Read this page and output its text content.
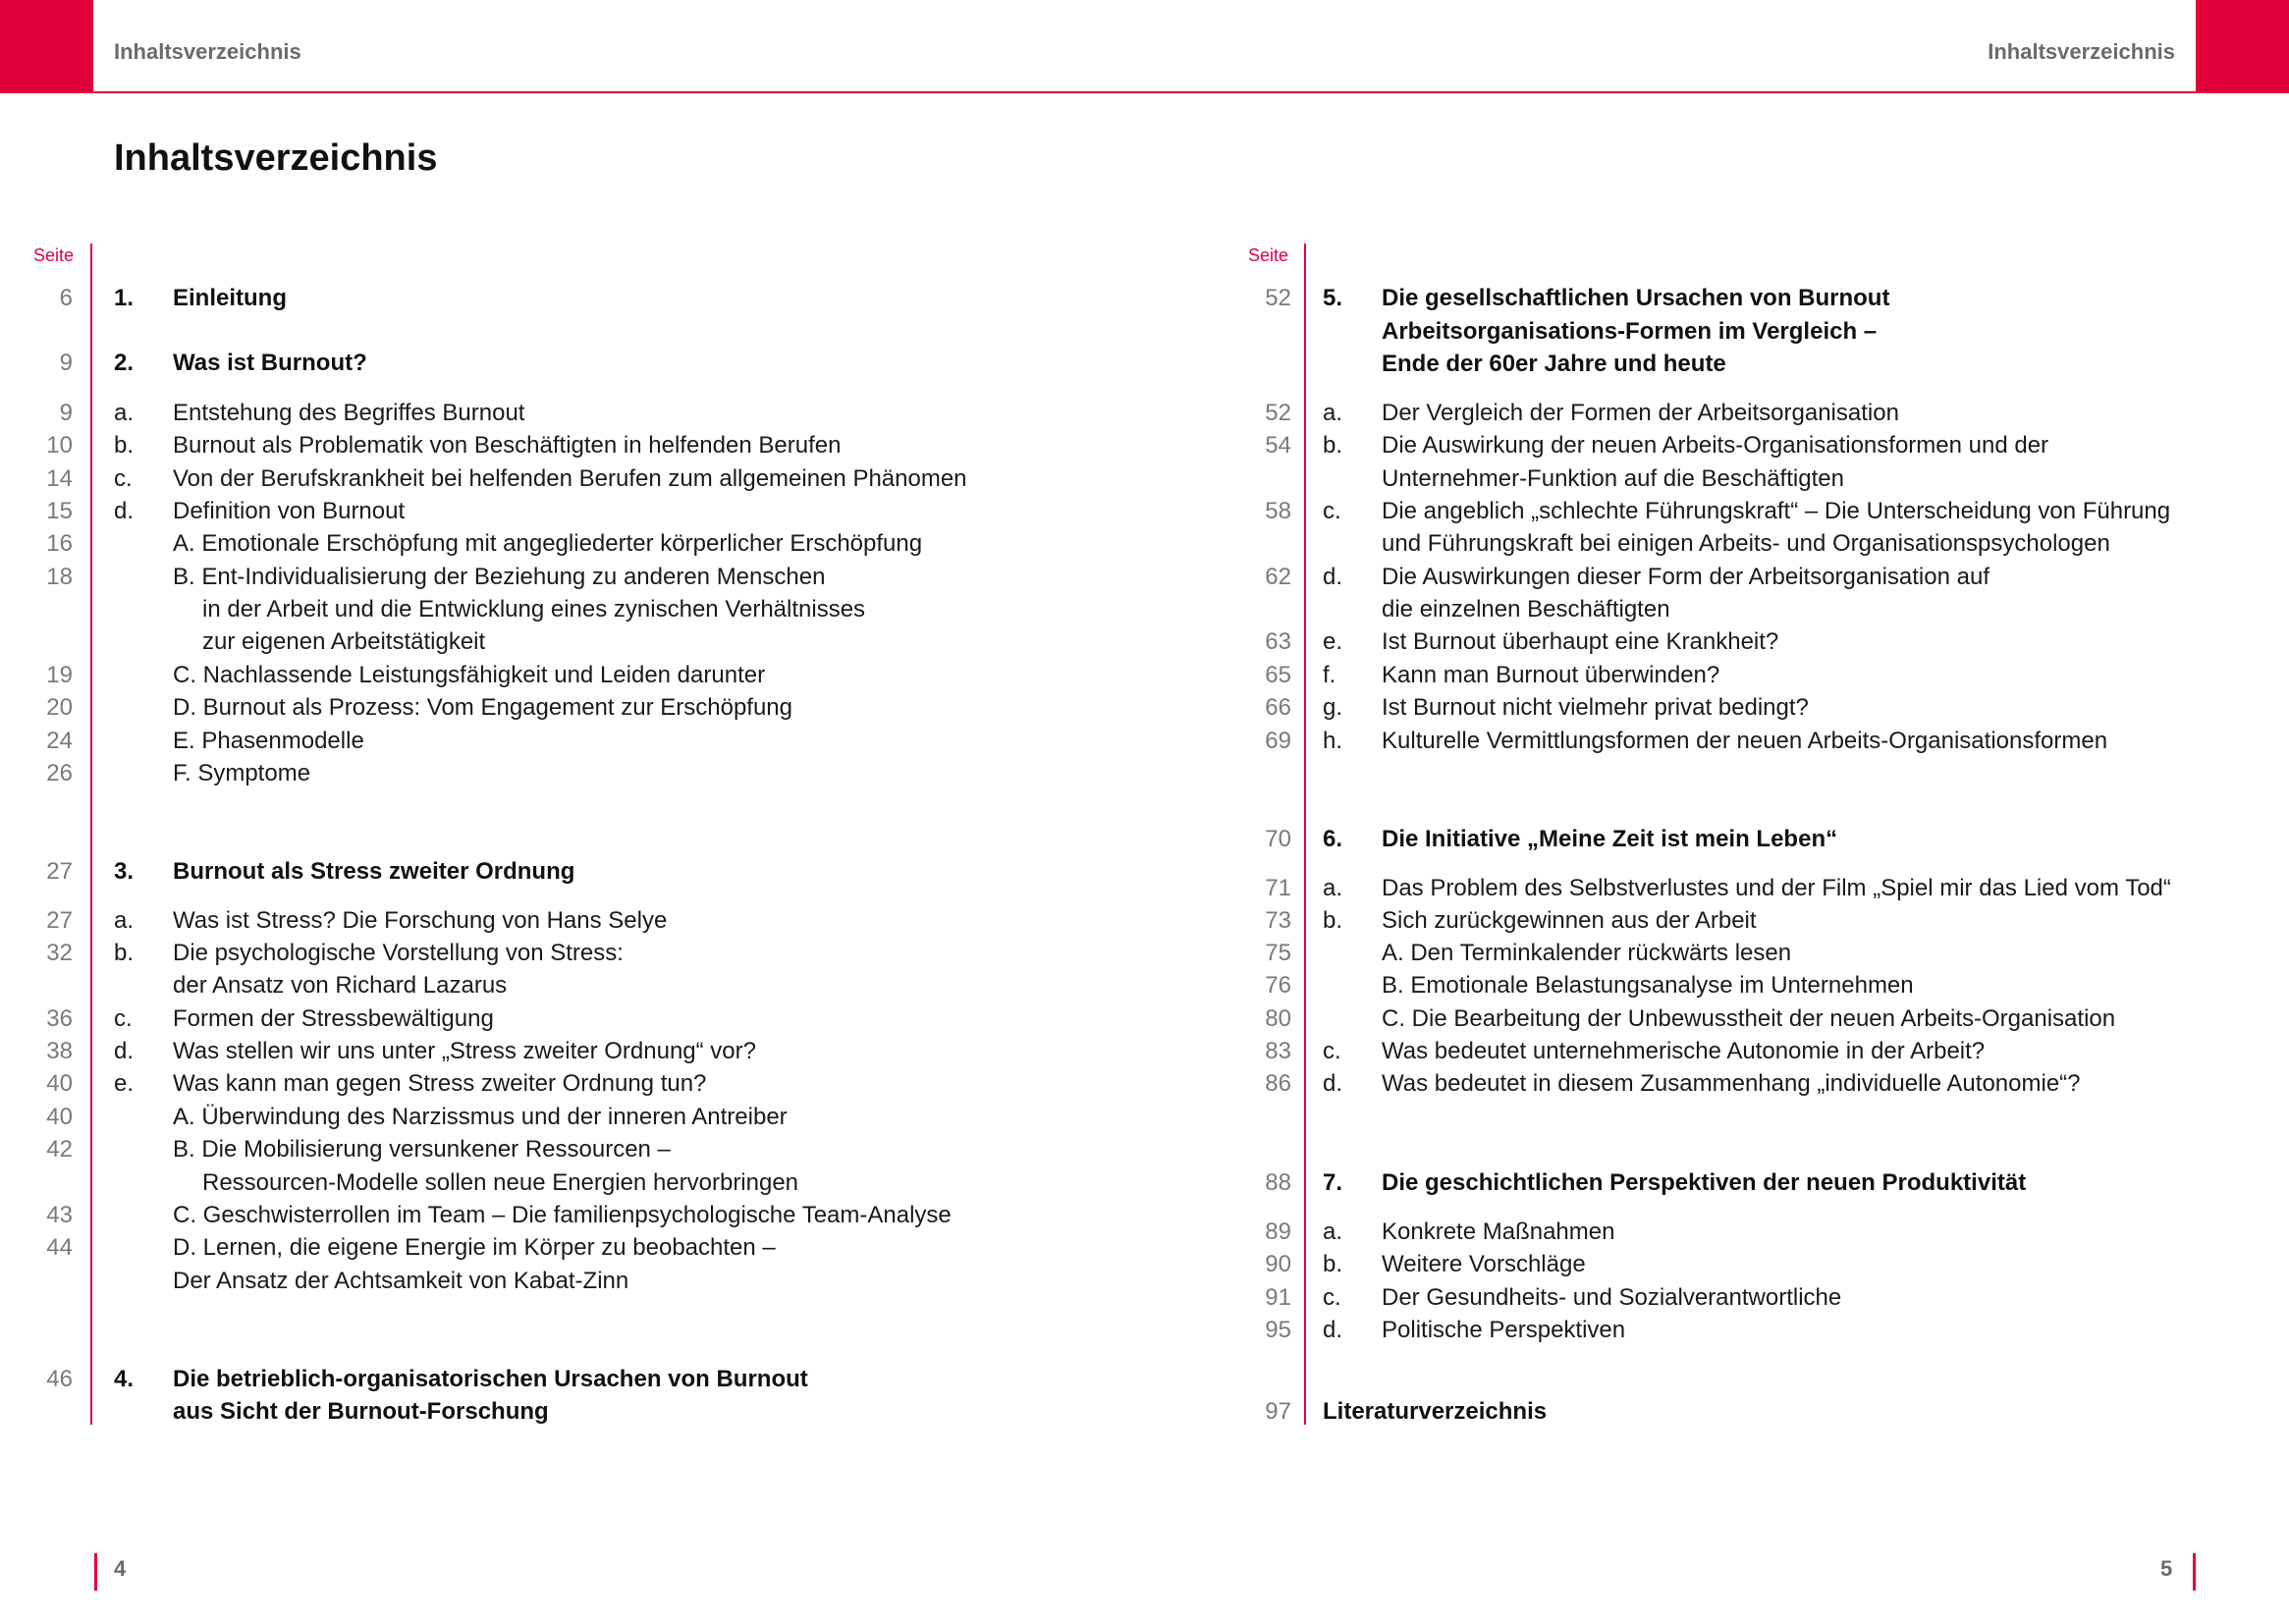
Inhaltsverzeichnis	Inhaltsverzeichnis
Inhaltsverzeichnis
Seite	Seite
6 1. Einleitung
9 2. Was ist Burnout?
9 a. Entstehung des Begriffes Burnout
10 b. Burnout als Problematik von Beschäftigten in helfenden Berufen
14 c. Von der Berufskrankheit bei helfenden Berufen zum allgemeinen Phänomen
15 d. Definition von Burnout
16	A. Emotionale Erschöpfung mit angegliederter körperlicher Erschöpfung
18	B. Ent-Individualisierung der Beziehung zu anderen Menschen
in der Arbeit und die Entwicklung eines zynischen Verhältnisses
zur eigenen Arbeitstätigkeit
19	C. Nachlassende Leistungsfähigkeit und Leiden darunter
20	D. Burnout als Prozess: Vom Engagement zur Erschöpfung
24	E. Phasenmodelle
26	F. Symptome
27 3. Burnout als Stress zweiter Ordnung
27 a. Was ist Stress? Die Forschung von Hans Selye
32 b. Die psychologische Vorstellung von Stress:
der Ansatz von Richard Lazarus
36 c. Formen der Stressbewältigung
38 d. Was stellen wir uns unter „Stress zweiter Ordnung“ vor?
40 e. Was kann man gegen Stress zweiter Ordnung tun?
40	A. Überwindung des Narzissmus und der inneren Antreiber
42	B. Die Mobilisierung versunkener Ressourcen –
Ressourcen-Modelle sollen neue Energien hervorbringen
43	C. Geschwisterrollen im Team – Die familienpsychologische Team-Analyse
44	D. Lernen, die eigene Energie im Körper zu beobachten –
Der Ansatz der Achtsamkeit von Kabat-Zinn
46 4. Die betrieblich-organisatorischen Ursachen von Burnout
aus Sicht der Burnout-Forschung
52 5. Die gesellschaftlichen Ursachen von Burnout
Arbeitsorganisations-Formen im Vergleich –
Ende der 60er Jahre und heute
52 a. Der Vergleich der Formen der Arbeitsorganisation
54 b. Die Auswirkung der neuen Arbeits-Organisationsformen und der
Unternehmer-Funktion auf die Beschäftigten
58 c. Die angeblich „schlechte Führungskraft“ – Die Unterscheidung von Führung
und Führungskraft bei einigen Arbeits- und Organisationspsychologen
62 d. Die Auswirkungen dieser Form der Arbeitsorganisation auf
die einzelnen Beschäftigten
63 e. Ist Burnout überhaupt eine Krankheit?
65 f. Kann man Burnout überwinden?
66 g. Ist Burnout nicht vielmehr privat bedingt?
69 h. Kulturelle Vermittlungsformen der neuen Arbeits-Organisationsformen
70 6. Die Initiative „Meine Zeit ist mein Leben“
71 a. Das Problem des Selbstverlustes und der Film „Spiel mir das Lied vom Tod“
73 b. Sich zurückgewinnen aus der Arbeit
75	A. Den Terminkalender rückwärts lesen
76	B. Emotionale Belastungsanalyse im Unternehmen
80	C. Die Bearbeitung der Unbewusstheit der neuen Arbeits-Organisation
83 c. Was bedeutet unternehmerische Autonomie in der Arbeit?
86 d. Was bedeutet in diesem Zusammenhang „individuelle Autonomie“?
88 7. Die geschichtlichen Perspektiven der neuen Produktivität
89 a. Konkrete Maßnahmen
90 b. Weitere Vorschläge
91 c. Der Gesundheits- und Sozialverantwortliche
95 d. Politische Perspektiven
97 Literaturverzeichnis
4	5
